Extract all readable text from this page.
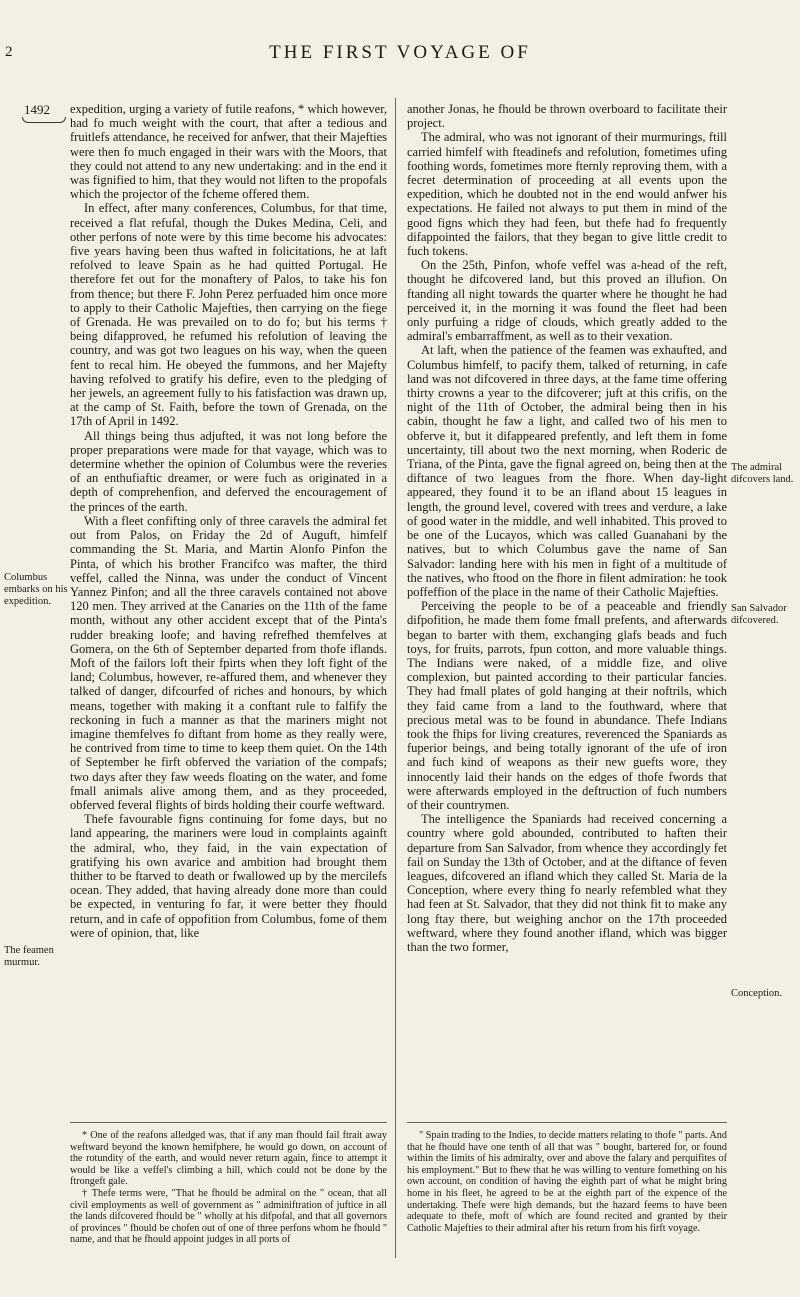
2	THE FIRST VOYAGE OF
1492
Columbus embarks on his expedition.
The feamen murmur.
The admiral difcovers land.
San Salvador difcovered.
Conception.

expedition, urging a variety of futile reafons, * which however, had fo much weight with the court, that after a tedious and fruitlefs attendance, he received for anfwer, that their Majefties were then fo much engaged in their wars with the Moors, that they could not attend to any new undertaking: and in the end it was fignified to him, that they would not liften to the propofals which the projector of the fcheme offered them.

In effect, after many conferences, Columbus, for that time, received a flat refufal, though the Dukes Medina, Celi, and other perfons of note were by this time become his advocates: five years having been thus wafted in folicitations, he at laft refolved to leave Spain as he had quitted Portugal. He therefore fet out for the monaftery of Palos, to take his fon from thence; but there F. John Perez perfuaded him once more to apply to their Catholic Majefties, then carrying on the fiege of Grenada. He was prevailed on to do fo; but his terms † being difapproved, he refumed his refolution of leaving the country, and was got two leagues on his way, when the queen fent to recal him. He obeyed the fummons, and her Majefty having refolved to gratify his defire, even to the pledging of her jewels, an agreement fully to his fatisfaction was drawn up, at the camp of St. Faith, before the town of Grenada, on the 17th of April in 1492.

All things being thus adjufted, it was not long before the proper preparations were made for that vayage, which was to determine whether the opinion of Columbus were the reveries of an enthufiaftic dreamer, or were fuch as originated in a depth of comprehenfion, and deferved the encouragement of the princes of the earth.

With a fleet confifting only of three caravels the admiral fet out from Palos, on Friday the 2d of Auguft, himfelf commanding the St. Maria, and Martin Alonfo Pinfon the Pinta, of which his brother Francifco was mafter, the third veffel, called the Ninna, was under the conduct of Vincent Yannez Pinfon; and all the three caravels contained not above 120 men. They arrived at the Canaries on the 11th of the fame month, without any other accident except that of the Pinta's rudder breaking loofe; and having refrefhed themfelves at Gomera, on the 6th of September departed from thofe iflands. Moft of the failors loft their fpirts when they loft fight of the land; Columbus, however, re-affured them, and whenever they talked of danger, difcourfed of riches and honours, by which means, together with making it a conftant rule to falfify the reckoning in fuch a manner as that the mariners might not imagine themfelves fo diftant from home as they really were, he contrived from time to time to keep them quiet. On the 14th of September he firft obferved the variation of the compafs; two days after they faw weeds floating on the water, and fome fmall animals alive among them, and as they proceeded, obferved feveral flights of birds holding their courfe weftward.

Thefe favourable figns continuing for fome days, but no land appearing, the mariners were loud in complaints againft the admiral, who, they faid, in the vain expectation of gratifying his own avarice and ambition had brought them thither to be ftarved to death or fwallowed up by the mercilefs ocean. They added, that having already done more than could be expected, in venturing fo far, it were better they fhould return, and in cafe of oppofition from Columbus, fome of them were of opinion, that, like

another Jonas, he fhould be thrown overboard to facilitate their project.

The admiral, who was not ignorant of their murmurings, ftill carried himfelf with fteadinefs and refolution, fometimes ufing foothing words, fometimes more fternly reproving them, with a fecret determination of proceeding at all events upon the expedition, which he doubted not in the end would anfwer his expectations. He failed not always to put them in mind of the good figns which they had feen, but thefe had fo frequently difappointed the failors, that they began to give little credit to fuch tokens.

On the 25th, Pinfon, whofe veffel was a-head of the reft, thought he difcovered land, but this proved an illufion. On ftanding all night towards the quarter where he thought he had perceived it, in the morning it was found the fleet had been only purfuing a ridge of clouds, which greatly added to the admiral's embarraffment, as well as to their vexation.

At laft, when the patience of the feamen was exhaufted, and Columbus himfelf, to pacify them, talked of returning, in cafe land was not difcovered in three days, at the fame time offering thirty crowns a year to the difcoverer; juft at this crifis, on the night of the 11th of October, the admiral being then in his cabin, thought he faw a light, and called two of his men to obferve it, but it difappeared prefently, and left them in fome uncertainty, till about two the next morning, when Roderic de Triana, of the Pinta, gave the fignal agreed on, being then at the diftance of two leagues from the fhore. When day-light appeared, they found it to be an ifland about 15 leagues in length, the ground level, covered with trees and verdure, a lake of good water in the middle, and well inhabited. This proved to be one of the Lucayos, which was called Guanahani by the natives, but to which Columbus gave the name of San Salvador: landing here with his men in fight of a multitude of the natives, who ftood on the fhore in filent admiration: he took poffeffion of the place in the name of their Catholic Majefties.

Perceiving the people to be of a peaceable and friendly difpofition, he made them fome fmall prefents, and afterwards began to barter with them, exchanging glafs beads and fuch toys, for fruits, parrots, fpun cotton, and more valuable things. The Indians were naked, of a middle fize, and olive complexion, but painted according to their particular fancies. They had fmall plates of gold hanging at their noftrils, which they faid came from a land to the fouthward, where that precious metal was to be found in abundance. Thefe Indians took the fhips for living creatures, reverenced the Spaniards as fuperior beings, and being totally ignorant of the ufe of iron and fuch kind of weapons as their new guefts wore, they innocently laid their hands on the edges of thofe fwords that were afterwards employed in the deftruction of fuch numbers of their countrymen.

The intelligence the Spaniards had received concerning a country where gold abounded, contributed to haften their departure from San Salvador, from whence they accordingly fet fail on Sunday the 13th of October, and at the diftance of feven leagues, difcovered an ifland which they called St. Maria de la Conception, where every thing fo nearly refembled what they had feen at St. Salvador, that they did not think fit to make any long ftay there, but weighing anchor on the 17th proceeded weftward, where they found another ifland, which was bigger than the two former,

* One of the reafons alledged was, that if any man fhould fail ftrait away weftward beyond the known hemifphere, he would go down, on account of the rotundity of the earth, and would never return again, fince to attempt it would be like a veffel's climbing a hill, which could not be done by the ftrongeft gale.

† Thefe terms were, "That he fhould be admiral on the " ocean, that all civil employments as well of government as " adminiftration of juftice in all the lands difcovered fhould be " wholly at his difpofal, and that all governors of provinces " fhould be chofen out of one of three perfons whom he fhould " name, and that he fhould appoint judges in all ports of

" Spain trading to the Indies, to decide matters relating to thofe " parts. And that he fhould have one tenth of all that was " bought, bartered for, or found within the limits of his admiralty, over and above the falary and perquifites of his employment." But to fhew that he was willing to venture fomething on his own account, on condition of having the eighth part of what he might bring home in his fleet, he agreed to be at the eighth part of the expence of the undertaking. Thefe were high demands, but the hazard feems to have been adequate to thefe, moft of which are found recited and granted by their Catholic Majefties to their admiral after his return from his firft voyage.
